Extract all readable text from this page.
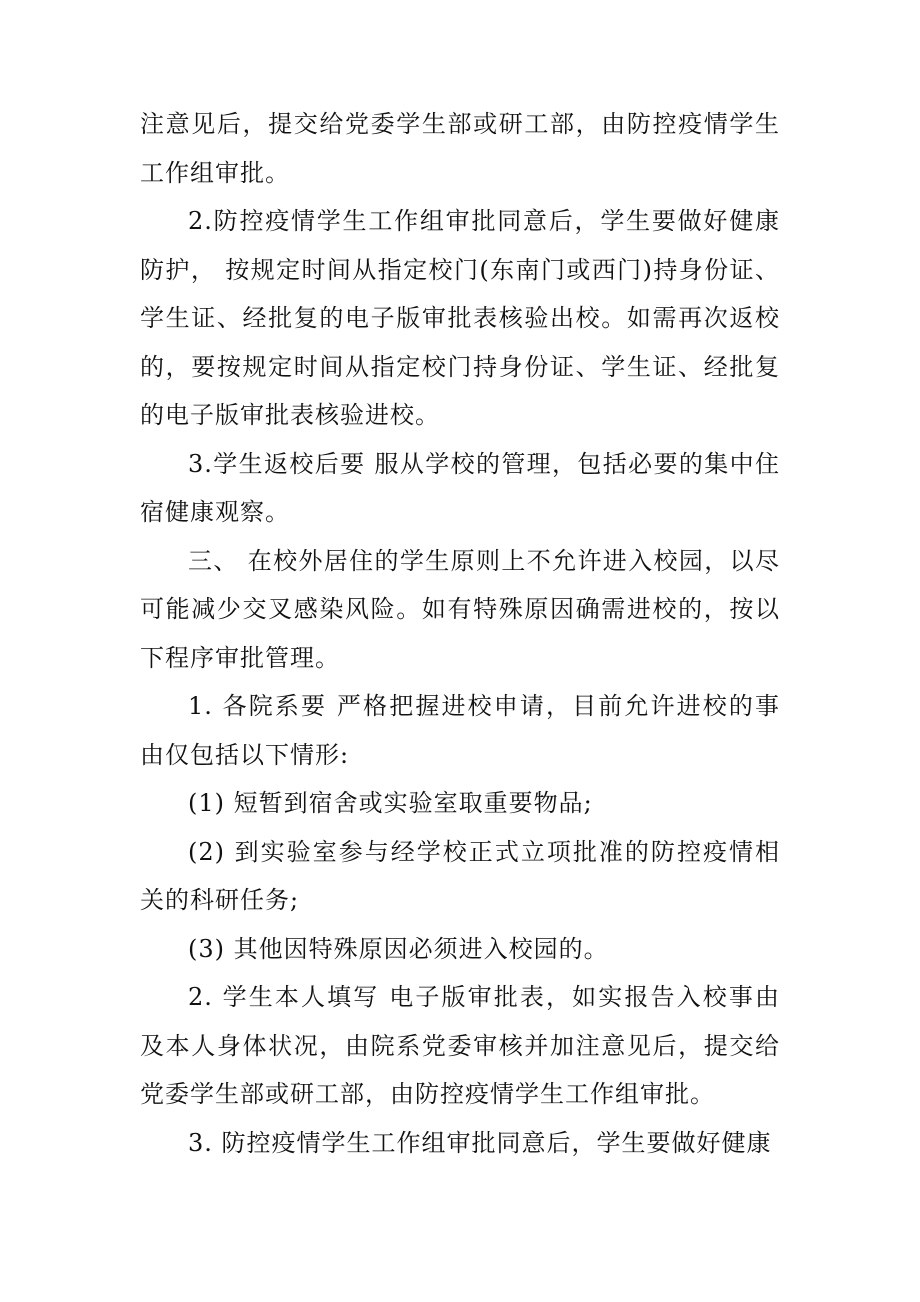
注意见后，提交给党委学生部或研工部，由防控疫情学生工作组审批。

2.防控疫情学生工作组审批同意后，学生要做好健康防护， 按规定时间从指定校门(东南门或西门)持身份证、学生证、经批复的电子版审批表核验出校。如需再次返校的，要按规定时间从指定校门持身份证、学生证、经批复的电子版审批表核验进校。

3.学生返校后要 服从学校的管理，包括必要的集中住宿健康观察。

三、 在校外居住的学生原则上不允许进入校园，以尽可能减少交叉感染风险。如有特殊原因确需进校的，按以下程序审批管理。

1. 各院系要 严格把握进校申请，目前允许进校的事由仅包括以下情形:

(1) 短暂到宿舍或实验室取重要物品;

(2) 到实验室参与经学校正式立项批准的防控疫情相关的科研任务;

(3) 其他因特殊原因必须进入校园的。

2. 学生本人填写 电子版审批表，如实报告入校事由及本人身体状况，由院系党委审核并加注意见后，提交给党委学生部或研工部，由防控疫情学生工作组审批。

3. 防控疫情学生工作组审批同意后，学生要做好健康
